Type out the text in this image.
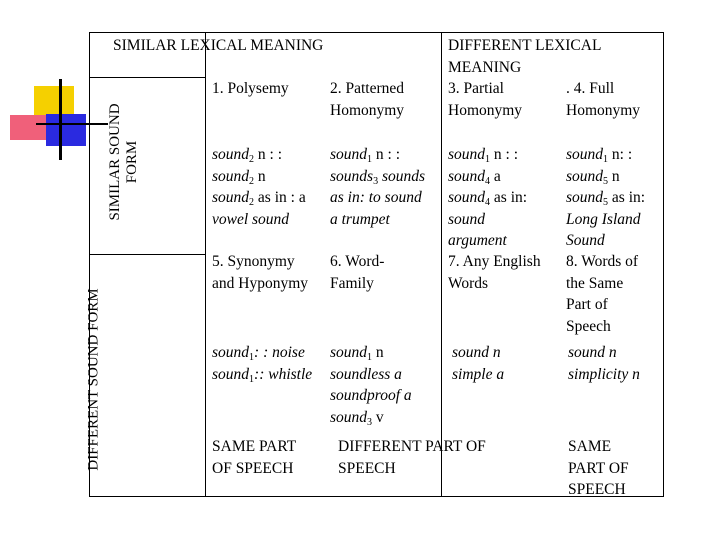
SIMILAR LEXICAL MEANING	DIFFERENT LEXICAL
MEANING
SIMILAR SOUND FORM
DIFFERENT SOUND FORM
1. Polysemy	2. Patterned
Homonymy
3. Partial
Homonymy
. 4. Full
Homonymy
sound$_2$ n : :
sound$_2$ n
sound$_2$ as in : a
vowel sound
sound$_1$ n : :
sounds$_3$ sounds
as in: to sound
a trumpet
sound$_1$ n : :
sound$_4$ a
sound$_4$ as in:
sound
argument
sound$_1$ n: :
sound$_5$ n
sound$_5$ as in:
Long Island
Sound
5. Synonymy
and Hyponymy
6. Word-
Family
7. Any English
Words
8. Words of
the Same
Part of
Speech
sound$_1$: : noise
sound$_1$:: whistle
sound$_1$ n
soundless a
soundproof a
sound$_3$ v
sound n
simple a
sound n
simplicity n
SAME PART
OF SPEECH
DIFFERENT PART OF
SPEECH
SAME
PART OF
SPEECH
